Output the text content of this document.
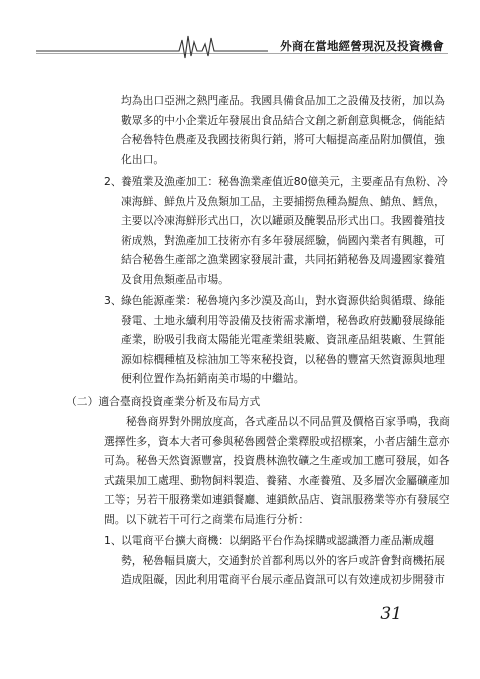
外商在當地經營現況及投資機會
均為出口亞洲之熱門產品。我國具備食品加工之設備及技術，加以為
數眾多的中小企業近年發展出食品結合文創之新創意與概念，倘能結
合秘魯特色農產及我國技術與行銷，將可大幅提高產品附加價值，強
化出口。
2、 養殖業及漁產加工：秘魯漁業產值近80億美元，主要產品有魚粉、冷
凍海鮮、鮮魚片及魚類加工品，主要捕撈魚種為鯷魚、鯖魚、鱈魚，
主要以冷凍海鮮形式出口，次以罐頭及醃製品形式出口。我國養殖技
術成熟，對漁產加工技術亦有多年發展經驗，倘國內業者有興趣，可
結合秘魯生產部之漁業國家發展計畫，共同拓銷秘魯及周邊國家養殖
及食用魚類產品市場。
3、 綠色能源產業：秘魯境內多沙漠及高山，對水資源供給與循環、綠能
發電、土地永續利用等設備及技術需求漸增，秘魯政府鼓勵發展綠能
產業，盼吸引我商太陽能光電產業組裝廠、資訊產品組裝廠、生質能
源如棕櫚種植及棕油加工等來秘投資，以秘魯的豐富天然資源與地理
便利位置作為拓銷南美市場的中繼站。
（二）適合臺商投資產業分析及布局方式
秘魯商界對外開放度高，各式產品以不同品質及價格百家爭鳴，我商
選擇性多，資本大者可參與秘魯國營企業釋股或招標案，小者店舖生意亦
可為。秘魯天然資源豐富，投資農林漁牧礦之生產或加工應可發展，如各
式蔬果加工處理、動物飼料製造、養豬、水產養殖、及多層次金屬礦產加
工等；另若干服務業如連鎖餐廳、連鎖飲品店、資訊服務業等亦有發展空
間。以下就若干可行之商業布局進行分析：
1、 以電商平台擴大商機：以網路平台作為採購或認識潛力產品漸成趨
勢，秘魯幅員廣大，交通對於首都利馬以外的客戶或許會對商機拓展
造成阻礙，因此利用電商平台展示產品資訊可以有效達成初步開發市
31
